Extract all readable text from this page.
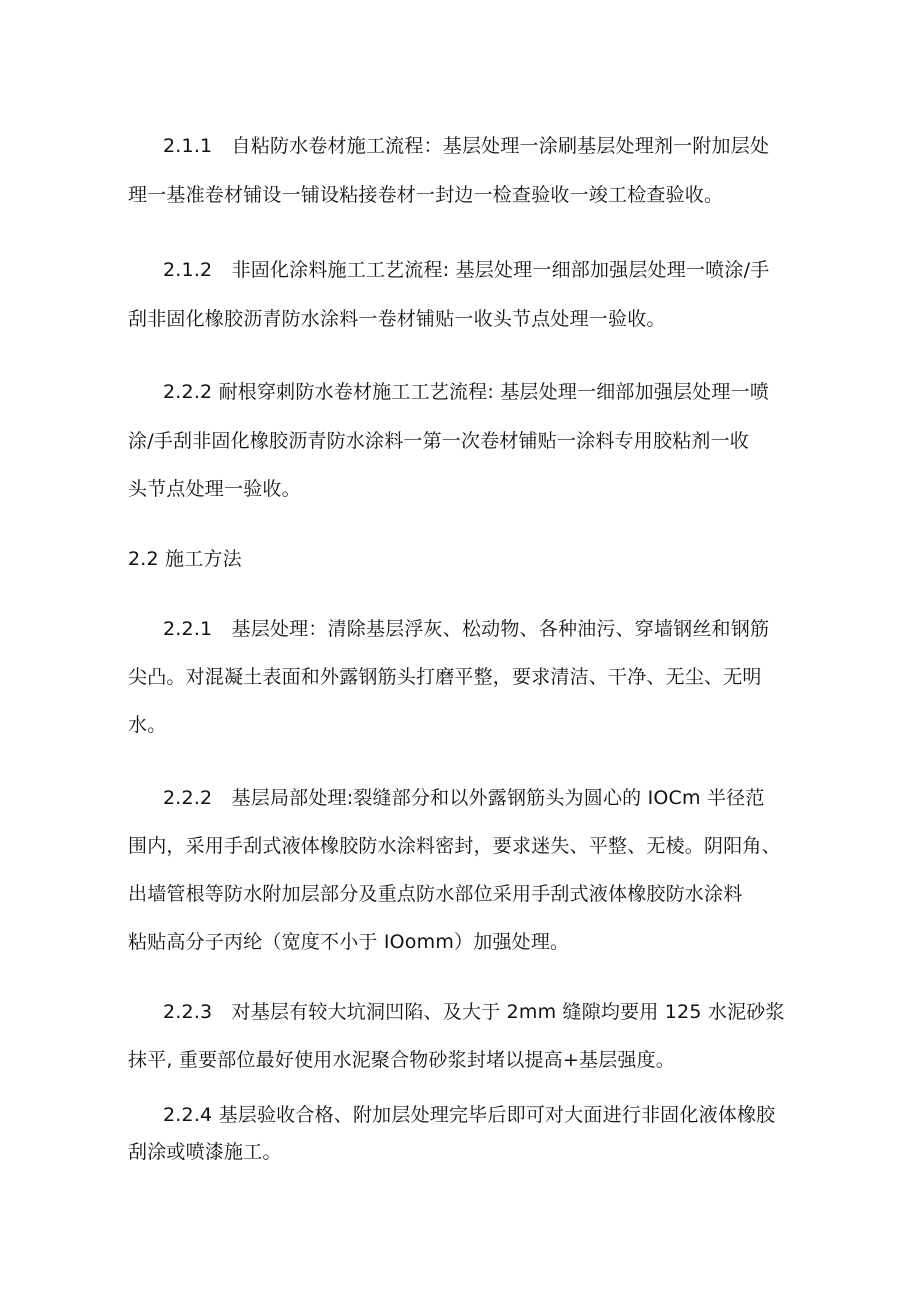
2.1.1　自粘防水卷材施工流程：基层处理一涂刷基层处理剂一附加层处
理一基准卷材铺设一铺设粘接卷材一封边一检查验收一竣工检查验收。
2.1.2　非固化涂料施工工艺流程: 基层处理一细部加强层处理一喷涂/手
刮非固化橡胶沥青防水涂料一卷材铺贴一收头节点处理一验收。
2.2.2 耐根穿刺防水卷材施工工艺流程: 基层处理一细部加强层处理一喷
涂/手刮非固化橡胶沥青防水涂料一第一次卷材铺贴一涂料专用胶粘剂一收
头节点处理一验收。
2.2 施工方法
2.2.1　基层处理：清除基层浮灰、松动物、各种油污、穿墙钢丝和钢筋
尖凸。对混凝土表面和外露钢筋头打磨平整，要求清洁、干净、无尘、无明
水。
2.2.2　基层局部处理:裂缝部分和以外露钢筋头为圆心的 IOCm 半径范
围内，采用手刮式液体橡胶防水涂料密封，要求迷失、平整、无棱。阴阳角、
出墙管根等防水附加层部分及重点防水部位采用手刮式液体橡胶防水涂料
粘贴高分子丙纶（宽度不小于 IOomm）加强处理。
2.2.3　对基层有较大坑洞凹陷、及大于 2mm 缝隙均要用 125 水泥砂浆
抹平, 重要部位最好使用水泥聚合物砂浆封堵以提高+基层强度。
2.2.4 基层验收合格、附加层处理完毕后即可对大面进行非固化液体橡胶
刮涂或喷漆施工。
